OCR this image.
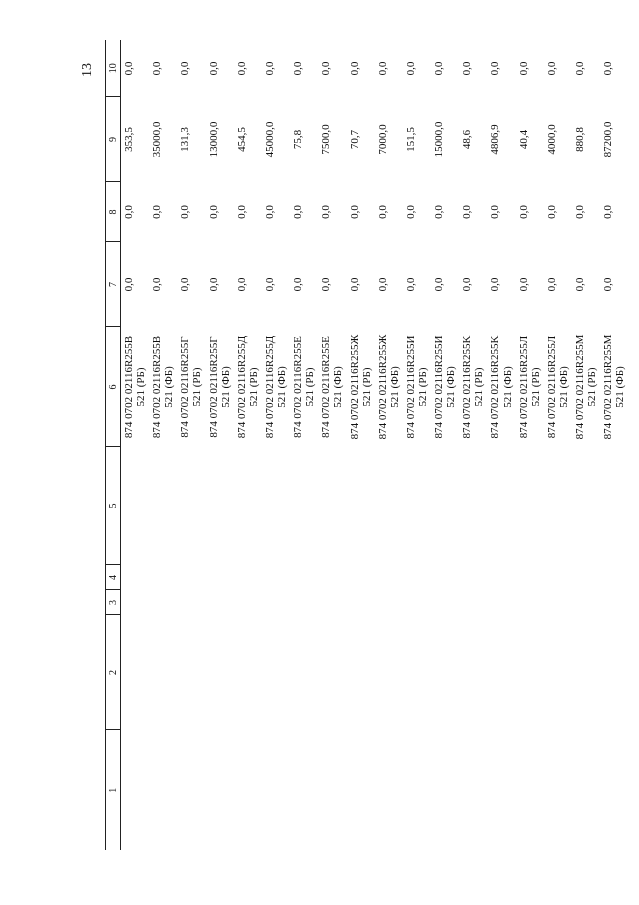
13
1	2	3	4	5	6	7	8	9	10
					874 0702 02116R255B 521 (РБ)	0,0	0,0	353,5	0,0
					874 0702 02116R255B 521 (ФБ)	0,0	0,0	35000,0	0,0
					874 0702 02116R255Г 521 (РБ)	0,0	0,0	131,3	0,0
					874 0702 02116R255Г 521 (ФБ)	0,0	0,0	13000,0	0,0
					874 0702 02116R255Д 521 (РБ)	0,0	0,0	454,5	0,0
					874 0702 02116R255Д 521 (ФБ)	0,0	0,0	45000,0	0,0
					874 0702 02116R255E 521 (РБ)	0,0	0,0	75,8	0,0
					874 0702 02116R255E 521 (ФБ)	0,0	0,0	7500,0	0,0
					874 0702 02116R255Ж 521 (РБ)	0,0	0,0	70,7	0,0
					874 0702 02116R255Ж 521 (ФБ)	0,0	0,0	7000,0	0,0
					874 0702 02116R255И 521 (РБ)	0,0	0,0	151,5	0,0
					874 0702 02116R255И 521 (ФБ)	0,0	0,0	15000,0	0,0
					874 0702 02116R255K 521 (РБ)	0,0	0,0	48,6	0,0
					874 0702 02116R255K 521 (ФБ)	0,0	0,0	4806,9	0,0
					874 0702 02116R255Л 521 (РБ)	0,0	0,0	40,4	0,0
					874 0702 02116R255Л 521 (ФБ)	0,0	0,0	4000,0	0,0
					874 0702 02116R255M 521 (РБ)	0,0	0,0	880,8	0,0
					874 0702 02116R255M 521 (ФБ)	0,0	0,0	87200,0	0,0
